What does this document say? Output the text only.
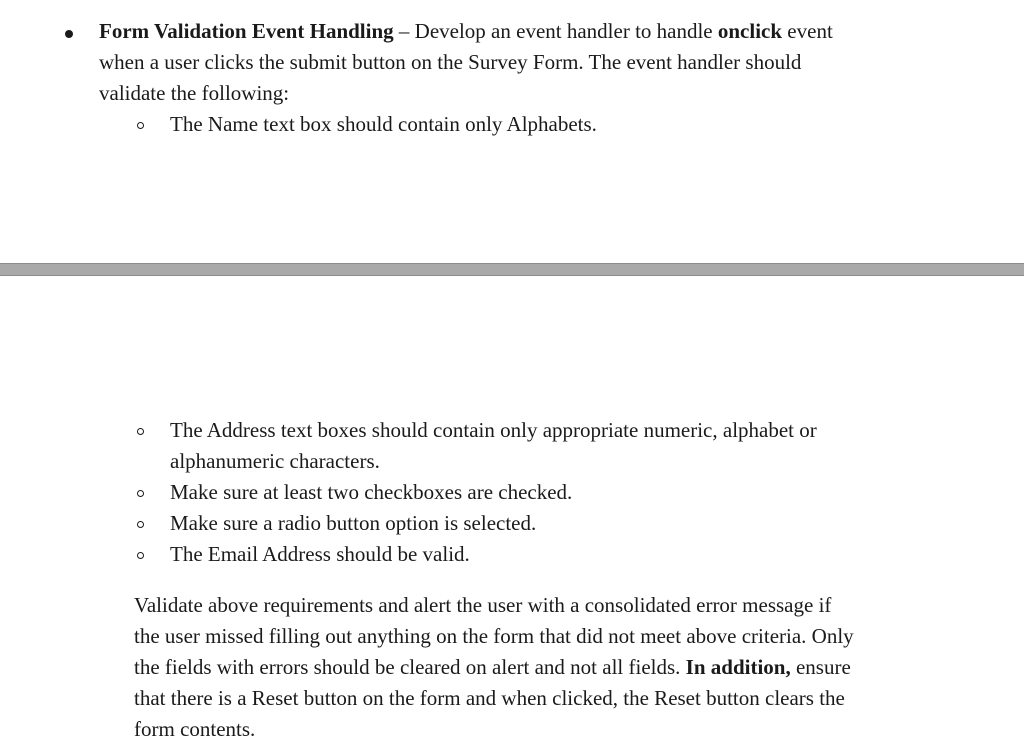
Form Validation Event Handling – Develop an event handler to handle onclick event
when a user clicks the submit button on the Survey Form. The event handler should
validate the following:
The Name text box should contain only Alphabets.
The Address text boxes should contain only appropriate numeric, alphabet or
alphanumeric characters.
Make sure at least two checkboxes are checked.
Make sure a radio button option is selected.
The Email Address should be valid.
Validate above requirements and alert the user with a consolidated error message if
the user missed filling out anything on the form that did not meet above criteria. Only
the fields with errors should be cleared on alert and not all fields. In addition, ensure
that there is a Reset button on the form and when clicked, the Reset button clears the
form contents.
